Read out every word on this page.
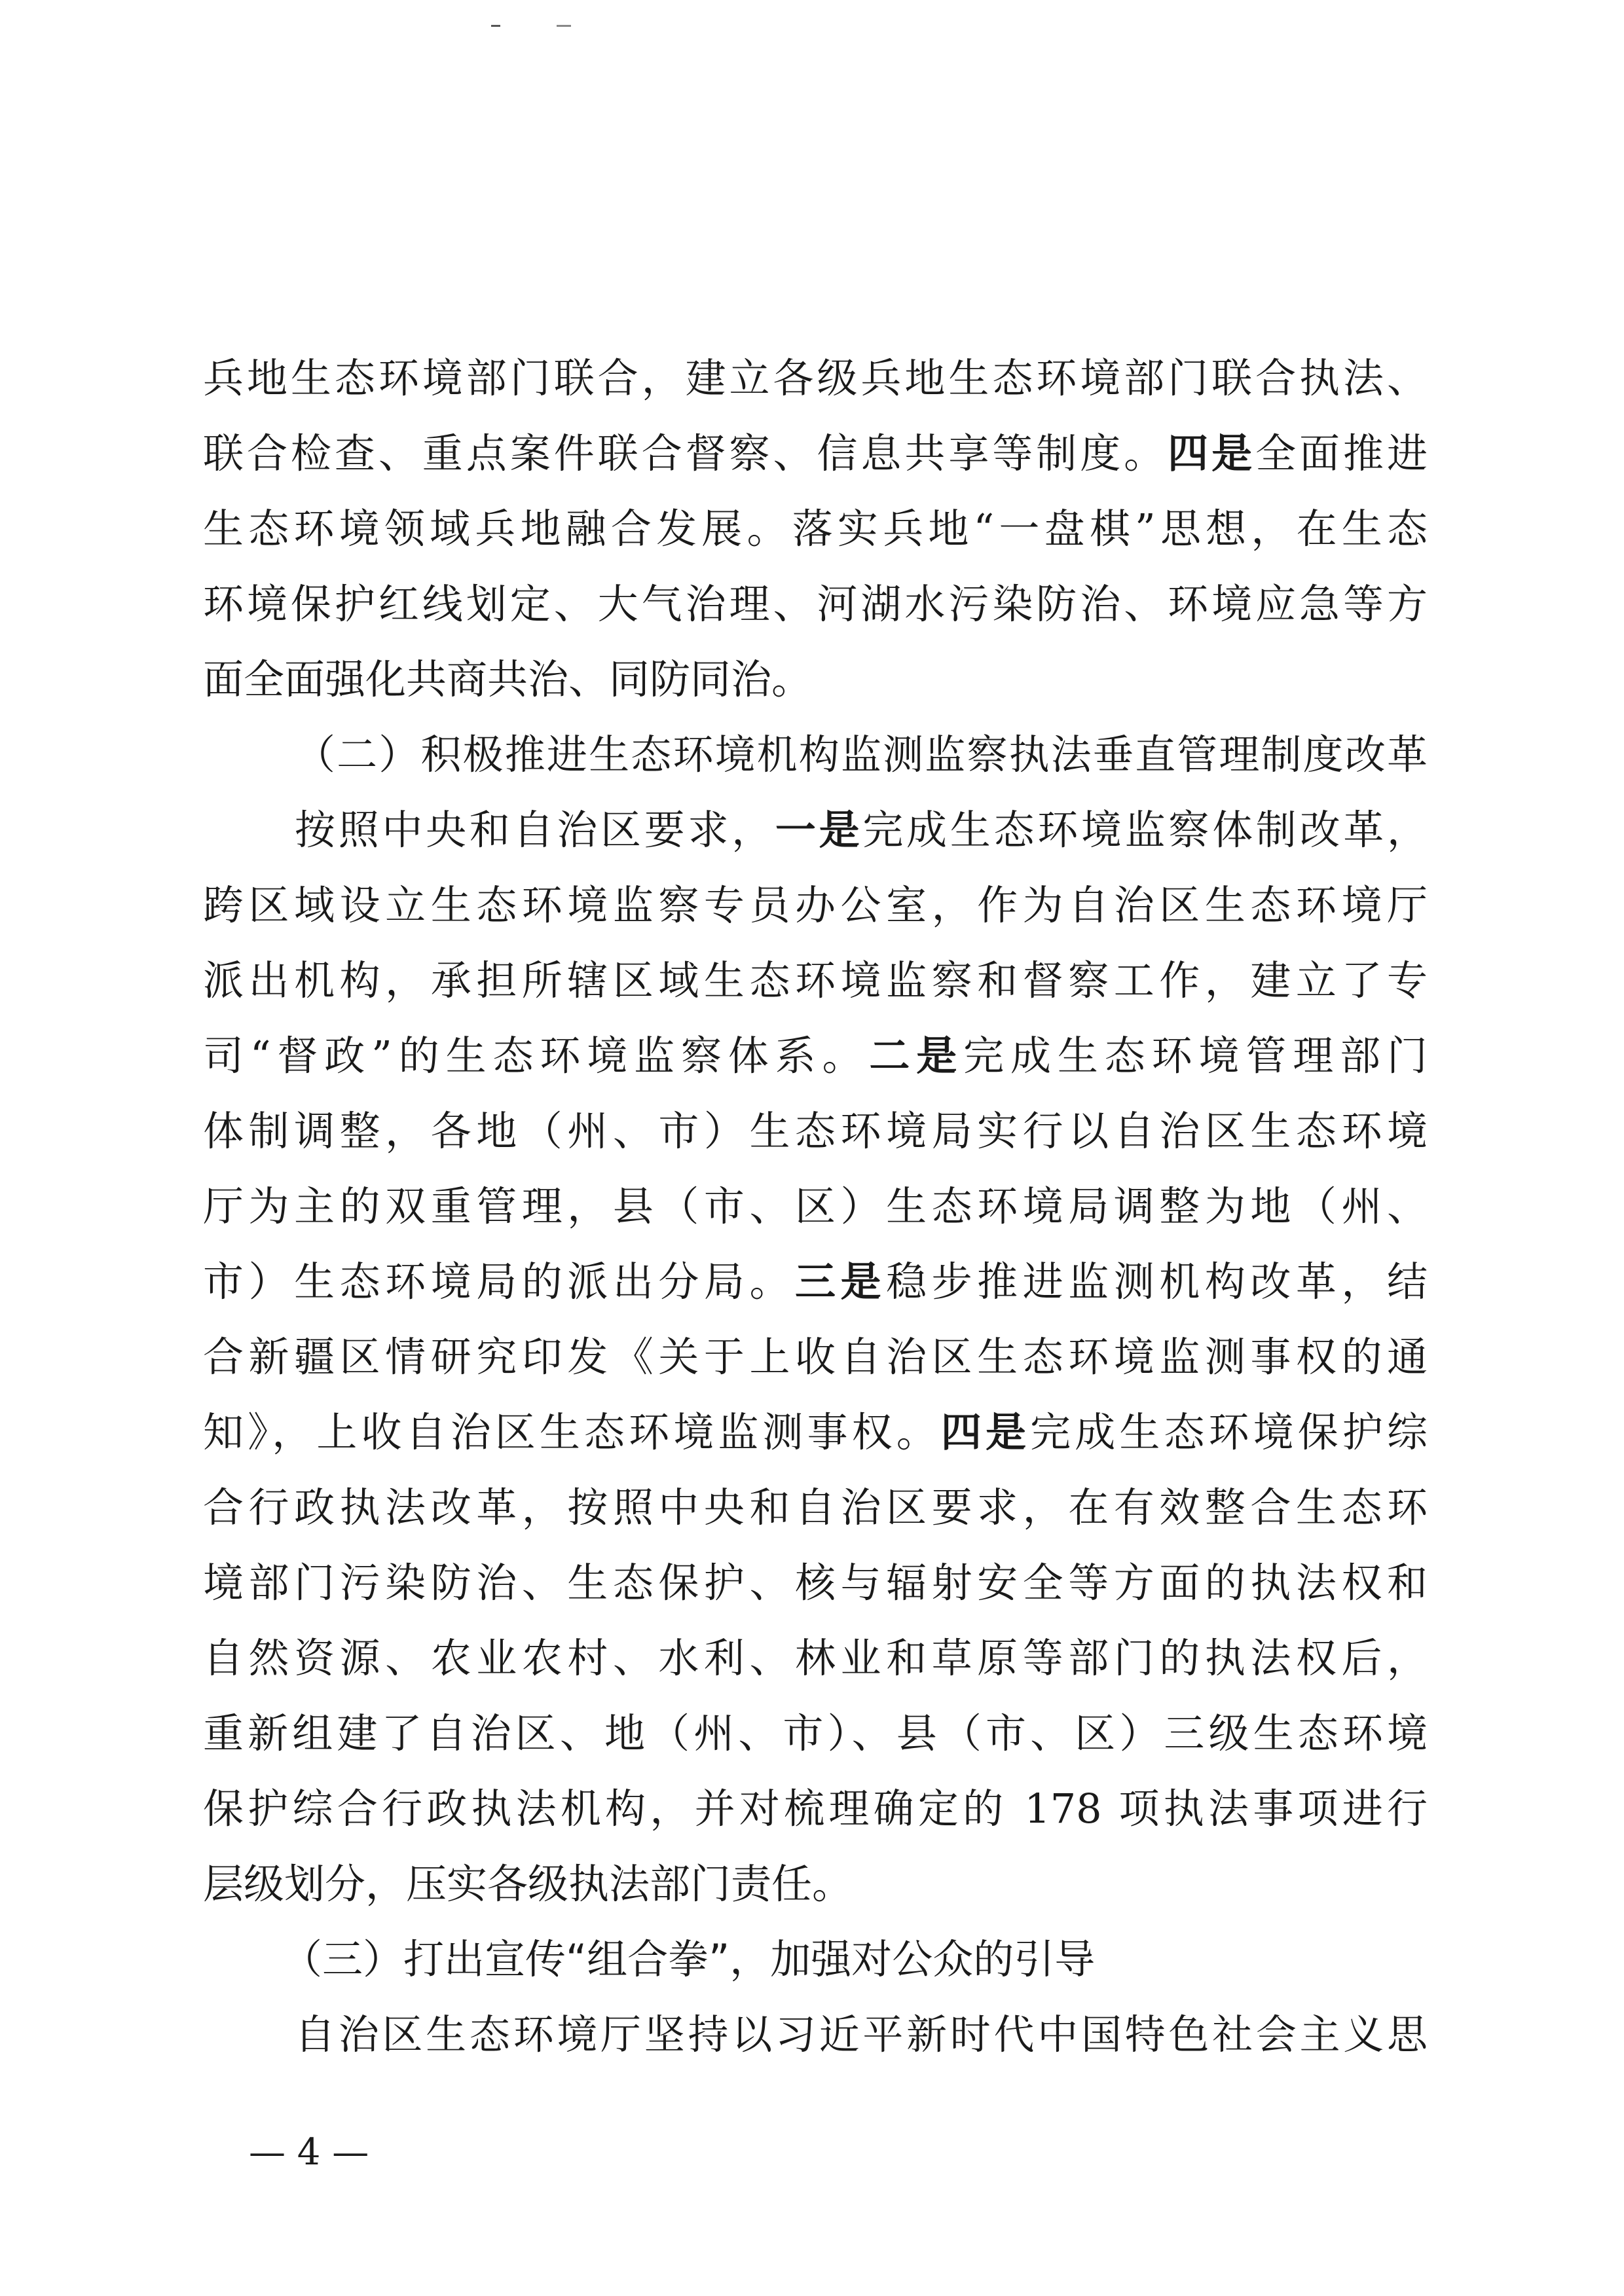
兵地生态环境部门联合，建立各级兵地生态环境部门联合执法、
联合检查、重点案件联合督察、信息共享等制度。四是全面推进
生态环境领域兵地融合发展。落实兵地“一盘棋”思想，在生态
环境保护红线划定、大气治理、河湖水污染防治、环境应急等方
面全面强化共商共治、同防同治。
（二）积极推进生态环境机构监测监察执法垂直管理制度改革
按照中央和自治区要求，一是完成生态环境监察体制改革，
跨区域设立生态环境监察专员办公室，作为自治区生态环境厅
派出机构，承担所辖区域生态环境监察和督察工作，建立了专
司“督政”的生态环境监察体系。二是完成生态环境管理部门
体制调整，各地（州、市）生态环境局实行以自治区生态环境
厅为主的双重管理，县（市、区）生态环境局调整为地（州、
市）生态环境局的派出分局。三是稳步推进监测机构改革，结
合新疆区情研究印发《关于上收自治区生态环境监测事权的通
知》，上收自治区生态环境监测事权。四是完成生态环境保护综
合行政执法改革，按照中央和自治区要求，在有效整合生态环
境部门污染防治、生态保护、核与辐射安全等方面的执法权和
自然资源、农业农村、水利、林业和草原等部门的执法权后，
重新组建了自治区、地（州、市）、县（市、区）三级生态环境
保护综合行政执法机构，并对梳理确定的 178 项执法事项进行
层级划分，压实各级执法部门责任。
（三）打出宣传“组合拳”，加强对公众的引导
自治区生态环境厅坚持以习近平新时代中国特色社会主义思
— 4 —
